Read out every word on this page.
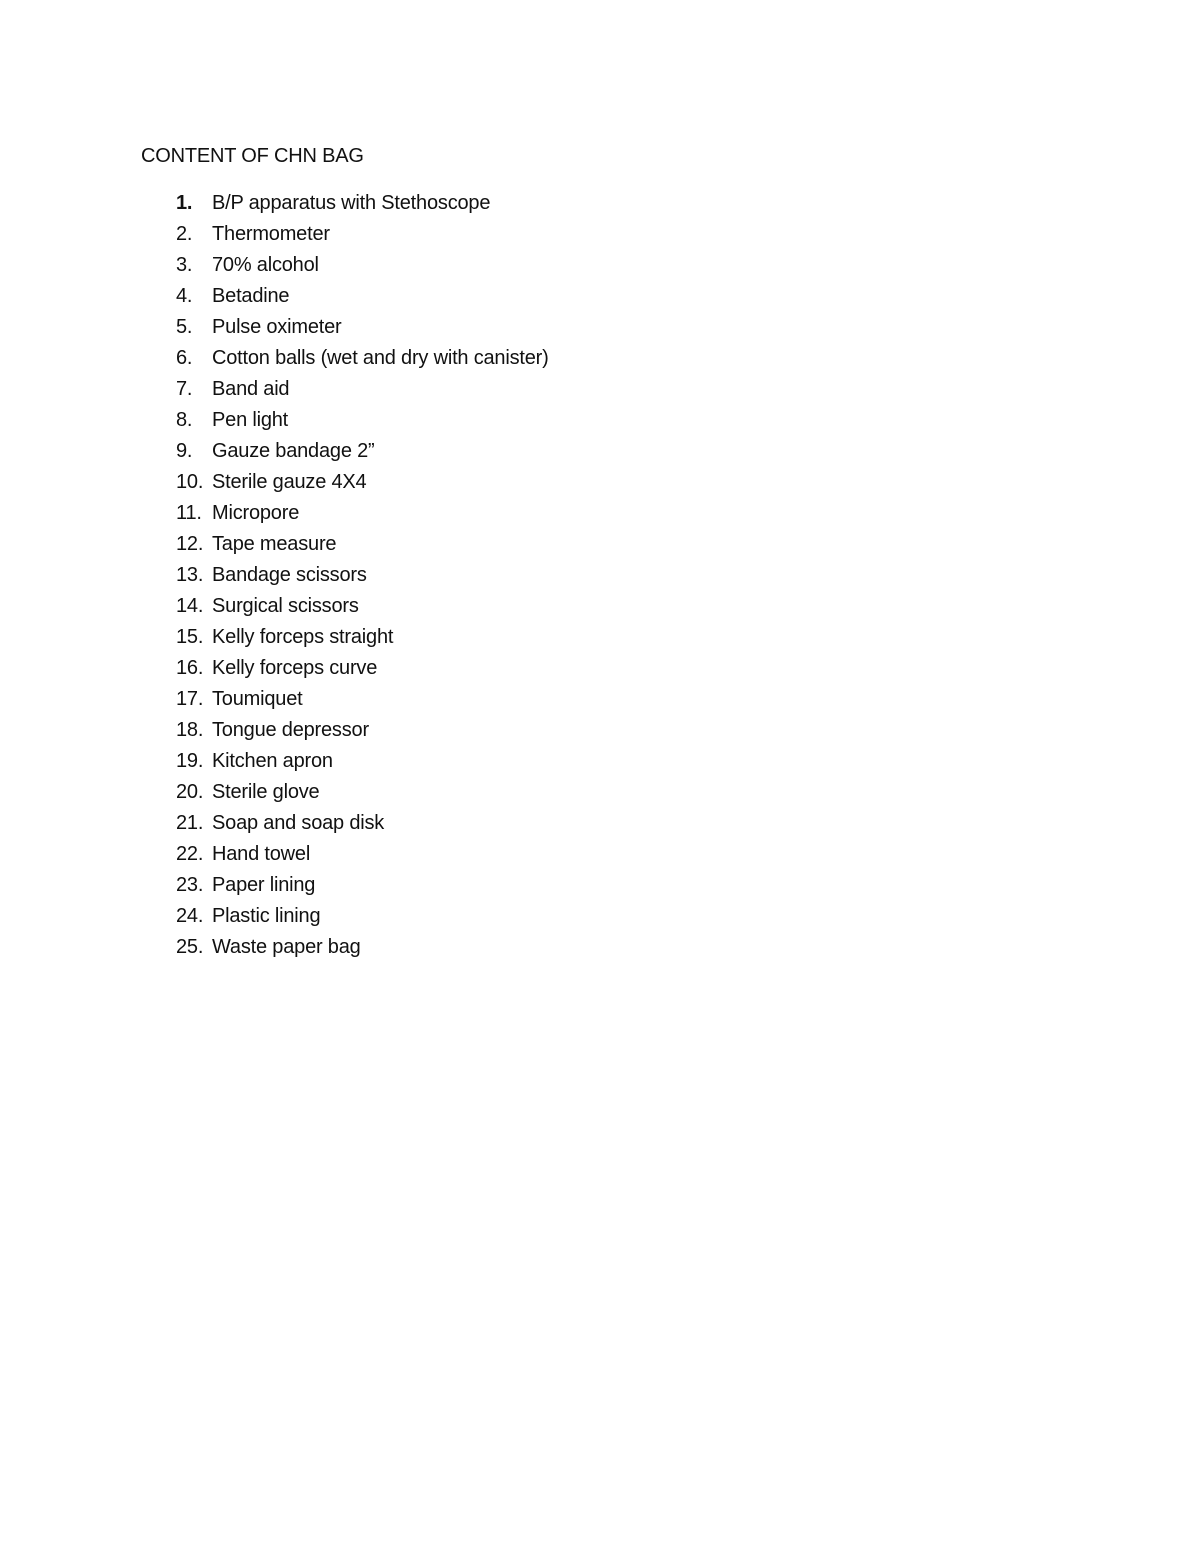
CONTENT OF CHN BAG
1. B/P apparatus with Stethoscope
2. Thermometer
3. 70% alcohol
4. Betadine
5. Pulse oximeter
6. Cotton balls (wet and dry with canister)
7. Band aid
8. Pen light
9. Gauze bandage 2”
10. Sterile gauze 4X4
11. Micropore
12. Tape measure
13. Bandage scissors
14. Surgical scissors
15. Kelly forceps straight
16. Kelly forceps curve
17. Toumiquet
18. Tongue depressor
19. Kitchen apron
20. Sterile glove
21. Soap and soap disk
22. Hand towel
23. Paper lining
24. Plastic lining
25. Waste paper bag
